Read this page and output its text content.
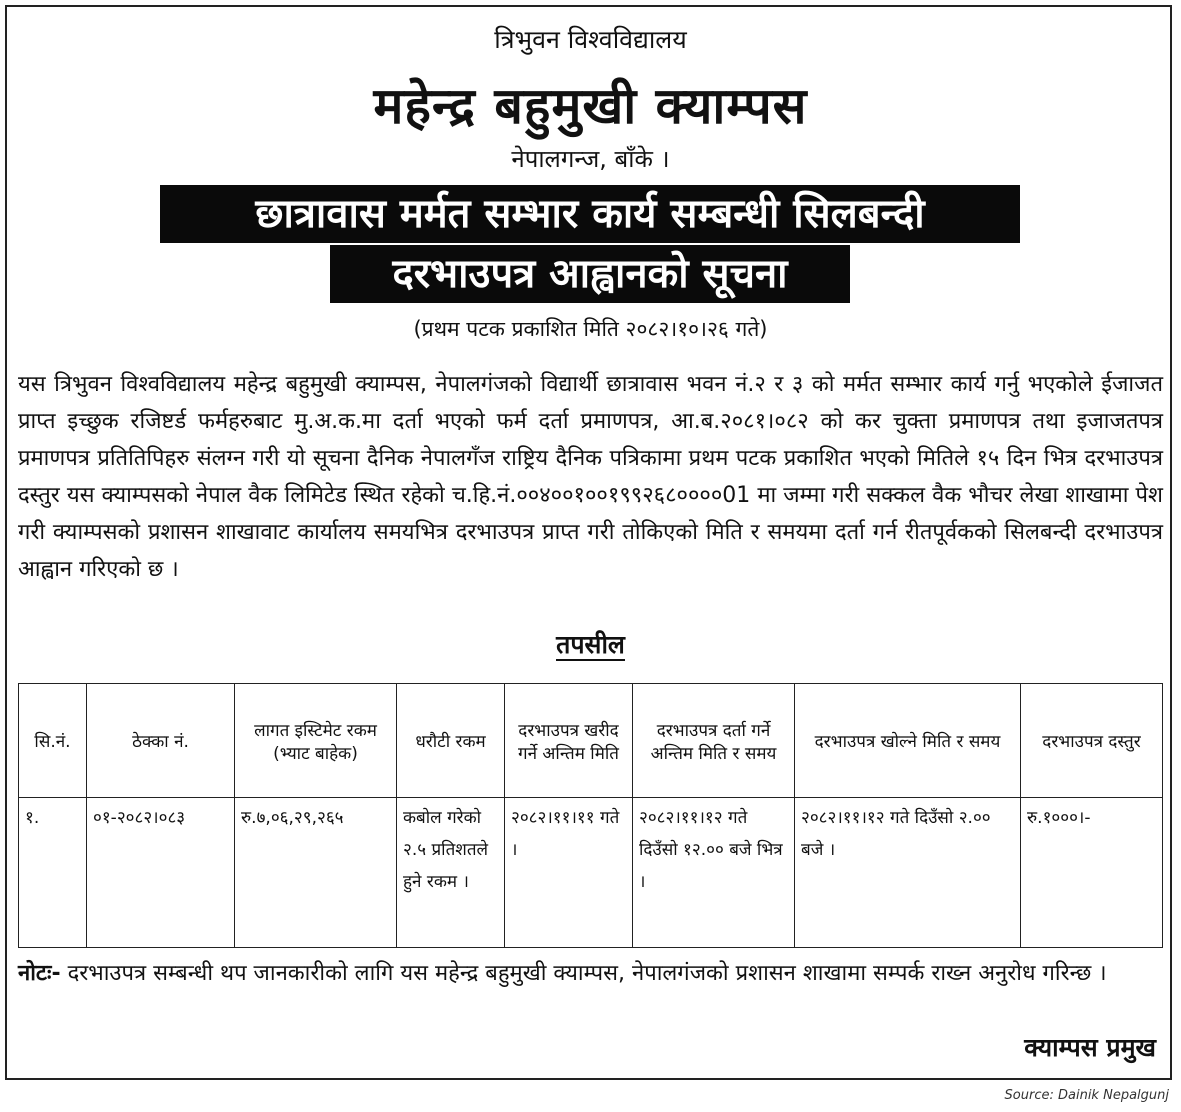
त्रिभुवन विश्वविद्यालय
महेन्द्र बहुमुखी क्याम्पस
नेपालगन्ज, बाँके ।
छात्रावास मर्मत सम्भार कार्य सम्बन्धी सिलबन्दी
दरभाउपत्र आह्वानको सूचना
(प्रथम पटक प्रकाशित मिति २०८२।१०।२६ गते)
यस त्रिभुवन विश्वविद्यालय महेन्द्र बहुमुखी क्याम्पस, नेपालगंजको विद्यार्थी छात्रावास भवन नं.२ र ३ को मर्मत सम्भार कार्य गर्नु भएकोले ईजाजत प्राप्त इच्छुक रजिष्टर्ड फर्महरुबाट मु.अ.क.मा दर्ता भएको फर्म दर्ता प्रमाणपत्र, आ.ब.२०८१।०८२ को कर चुक्ता प्रमाणपत्र तथा इजाजतपत्र प्रमाणपत्र प्रतितिपिहरु संलग्न गरी यो सूचना दैनिक नेपालगँज राष्ट्रिय दैनिक पत्रिकामा प्रथम पटक प्रकाशित भएको मितिले १५ दिन भित्र दरभाउपत्र दस्तुर यस क्याम्पसको नेपाल वैक लिमिटेड स्थित रहेको च.हि.नं.००४००१००१९९२६८००००01 मा जम्मा गरी सक्कल वैक भौचर लेखा शाखामा पेश गरी क्याम्पसको प्रशासन शाखावाट कार्यालय समयभित्र दरभाउपत्र प्राप्त गरी तोकिएको मिति र समयमा दर्ता गर्न रीतपूर्वकको सिलबन्दी दरभाउपत्र आह्वान गरिएको छ ।
तपसील
सि.नं.	ठेक्का नं.	लागत इस्टिमेट रकम (भ्याट बाहेक)	धरौटी रकम	दरभाउपत्र खरीद गर्ने अन्तिम मिति	दरभाउपत्र दर्ता गर्ने अन्तिम मिति र समय	दरभाउपत्र खोल्ने मिति र समय	दरभाउपत्र दस्तुर
१.	०१-२०८२।०८३	रु.७,०६,२९,२६५	कबोल गरेको २.५ प्रतिशतले हुने रकम ।	२०८२।११।११ गते ।	२०८२।११।१२ गते दिउँसो १२.०० बजे भित्र ।	२०८२।११।१२ गते दिउँसो २.०० बजे ।	रु.१०००।-
नोटः- दरभाउपत्र सम्बन्धी थप जानकारीको लागि यस महेन्द्र बहुमुखी क्याम्पस, नेपालगंजको प्रशासन शाखामा सम्पर्क राख्न अनुरोध गरिन्छ ।
क्याम्पस प्रमुख
Source: Dainik Nepalgunj
